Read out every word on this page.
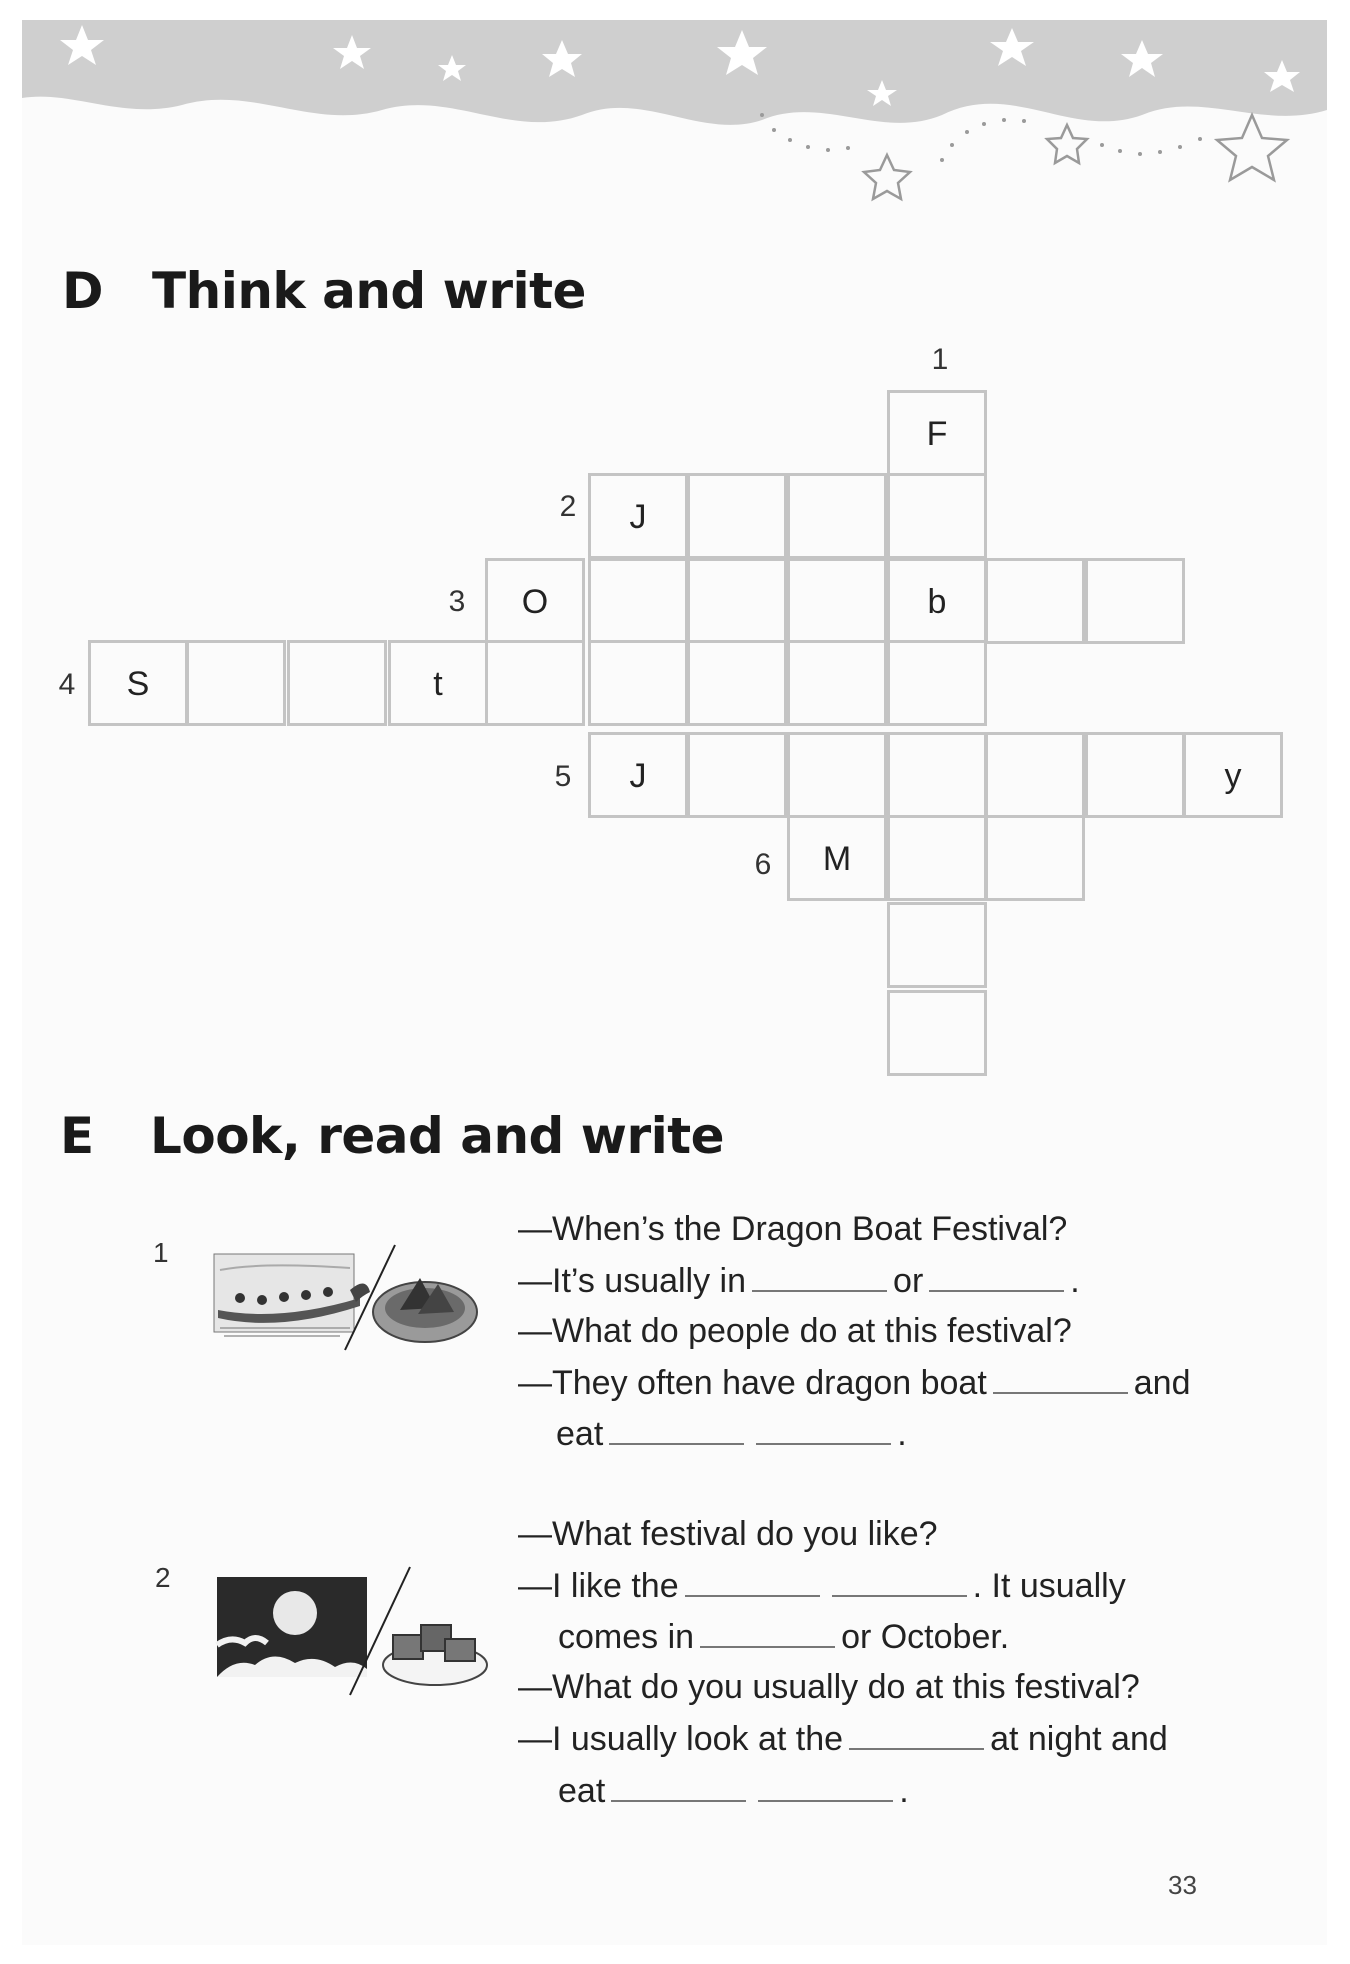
D Think and write
F
b
J
O
S	t
J	y
M
1
2
3
4
5
6
E Look, read and write
1
—When’s the Dragon Boat Festival?
—It’s usually in	or	.
—What do people do at this festival?
—They often have dragon boat	and
eat	.
2
—What festival do you like?
—I like the	. It usually
comes in	or October.
—What do you usually do at this festival?
—I usually look at the	at night and
eat	.
33
